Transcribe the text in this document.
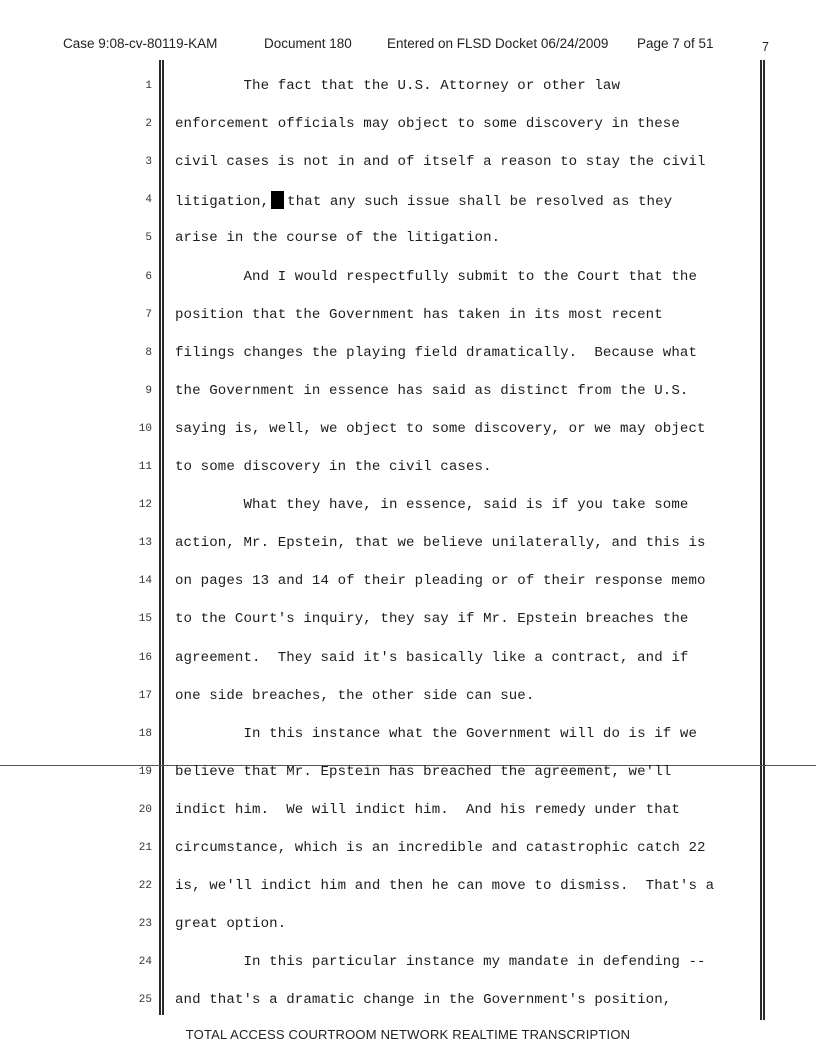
Case 9:08-cv-80119-KAM	Document 180	Entered on FLSD Docket 06/24/2009 Page 7 of 51	7
1 The fact that the U.S. Attorney or other law
2 enforcement officials may object to some discovery in these
3 civil cases is not in and of itself a reason to stay the civil
4 litigation, that any such issue shall be resolved as they
5 arise in the course of the litigation.
6 And I would respectfully submit to the Court that the
7 position that the Government has taken in its most recent
8 filings changes the playing field dramatically.  Because what
9 the Government in essence has said as distinct from the U.S.
10 saying is, well, we object to some discovery, or we may object
11 to some discovery in the civil cases.
12 What they have, in essence, said is if you take some
13 action, Mr. Epstein, that we believe unilaterally, and this is
14 on pages 13 and 14 of their pleading or of their response memo
15 to the Court's inquiry, they say if Mr. Epstein breaches the
16 agreement.  They said it's basically like a contract, and if
17 one side breaches, the other side can sue.
18 In this instance what the Government will do is if we
19 believe that Mr. Epstein has breached the agreement, we'll
20 indict him.  We will indict him.  And his remedy under that
21 circumstance, which is an incredible and catastrophic catch 22
22 is, we'll indict him and then he can move to dismiss.  That's a
23 great option.
24 In this particular instance my mandate in defending --
25 and that's a dramatic change in the Government's position,
TOTAL ACCESS COURTROOM NETWORK REALTIME TRANSCRIPTION
